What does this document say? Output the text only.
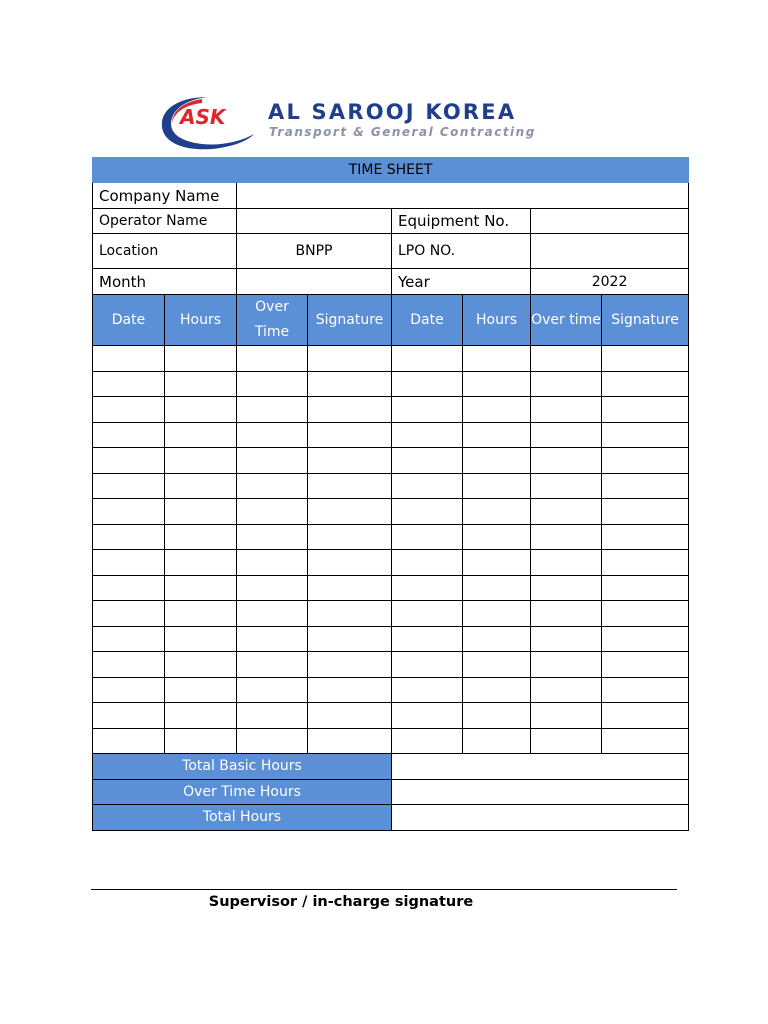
ASK AL SAROOJ KOREA
Transport & General Contracting
TIME SHEET							
Company Name							
Operator Name				Equipment No.			
Location		BNPP		LPO NO.			
Month				Year		2022	
Date	Hours	Over Time	Signature	Date	Hours	Over time	Signature

Total Basic Hours							
Over Time Hours							
Total Hours							
Supervisor / in-charge signature
